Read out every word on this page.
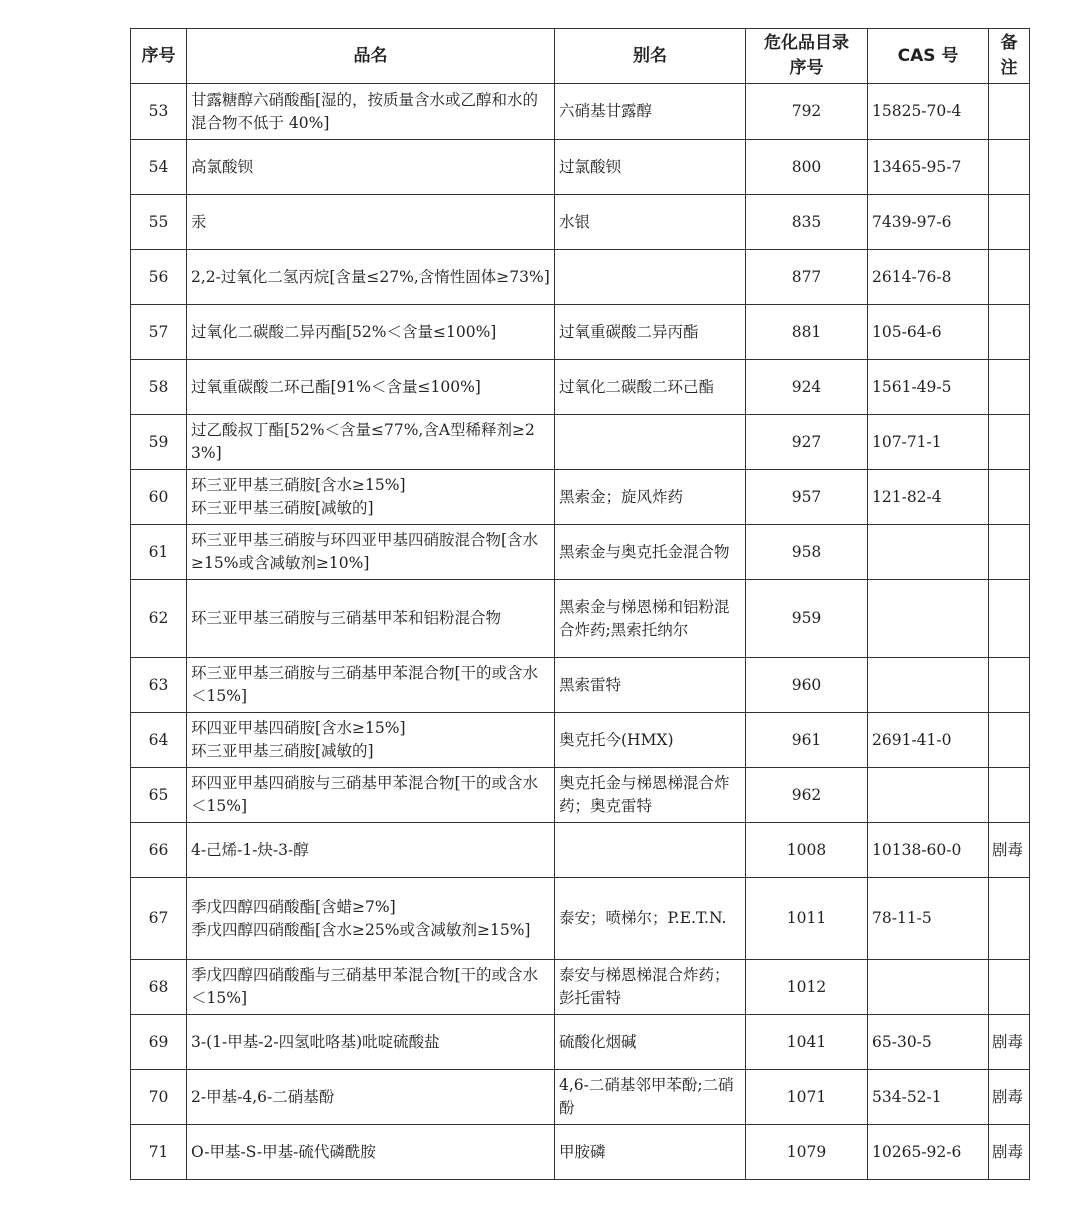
序号	品名	别名	危化品目录序号	CAS 号	备注
53	甘露糖醇六硝酸酯[湿的，按质量含水或乙醇和水的混合物不低于 40%]	六硝基甘露醇	792	15825-70-4	
54	高氯酸钡	过氯酸钡	800	13465-95-7	
55	汞	水银	835	7439-97-6	
56	2,2-过氧化二氢丙烷[含量≤27%,含惰性固体≥73%]		877	2614-76-8	
57	过氧化二碳酸二异丙酯[52%＜含量≤100%]	过氧重碳酸二异丙酯	881	105-64-6	
58	过氧重碳酸二环己酯[91%＜含量≤100%]	过氧化二碳酸二环己酯	924	1561-49-5	
59	过乙酸叔丁酯[52%＜含量≤77%,含A型稀释剂≥23%]		927	107-71-1	
60	环三亚甲基三硝胺[含水≥15%]
环三亚甲基三硝胺[减敏的]	黑索金；旋风炸药	957	121-82-4	
61	环三亚甲基三硝胺与环四亚甲基四硝胺混合物[含水≥15%或含减敏剂≥10%]	黑索金与奥克托金混合物	958		
62	环三亚甲基三硝胺与三硝基甲苯和铝粉混合物	黑索金与梯恩梯和铝粉混合炸药;黑索托纳尔	959		
63	环三亚甲基三硝胺与三硝基甲苯混合物[干的或含水＜15%]	黑索雷特	960		
64	环四亚甲基四硝胺[含水≥15%]
环三亚甲基三硝胺[减敏的]	奥克托今(HMX)	961	2691-41-0	
65	环四亚甲基四硝胺与三硝基甲苯混合物[干的或含水＜15%]	奥克托金与梯恩梯混合炸药；奥克雷特	962		
66	4-己烯-1-炔-3-醇		1008	10138-60-0	剧毒
67	季戊四醇四硝酸酯[含蜡≥7%]
季戊四醇四硝酸酯[含水≥25%或含减敏剂≥15%]	泰安；喷梯尔；P.E.T.N.	1011	78-11-5	
68	季戊四醇四硝酸酯与三硝基甲苯混合物[干的或含水＜15%]	泰安与梯恩梯混合炸药；彭托雷特	1012		
69	3-(1-甲基-2-四氢吡咯基)吡啶硫酸盐	硫酸化烟碱	1041	65-30-5	剧毒
70	2-甲基-4,6-二硝基酚	4,6-二硝基邻甲苯酚;二硝酚	1071	534-52-1	剧毒
71	O-甲基-S-甲基-硫代磷酰胺	甲胺磷	1079	10265-92-6	剧毒
